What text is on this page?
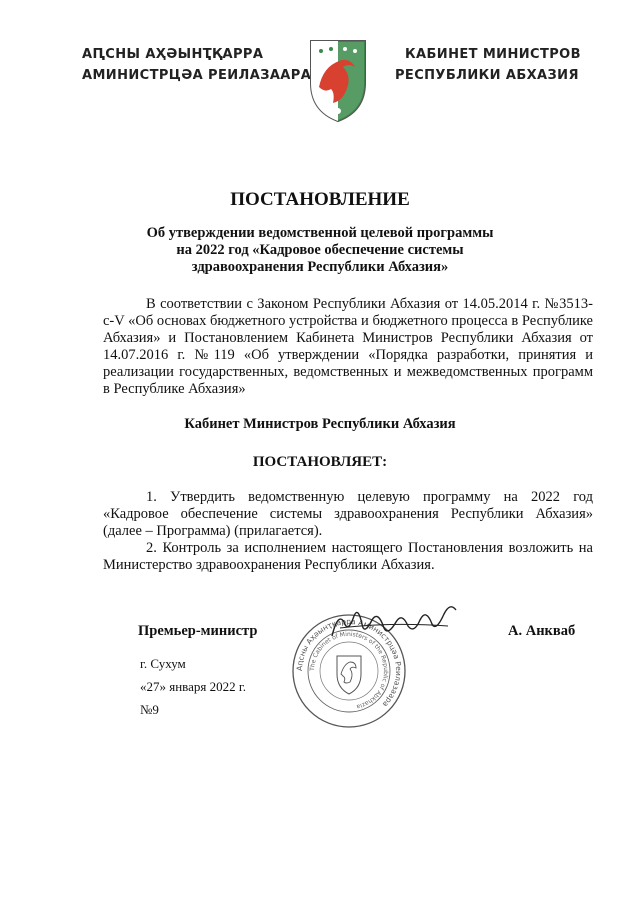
АԤСНЫ АҲӘЫНҬҚАРРА
АМИНИСТРЦӘА РЕИЛАЗААРА
КАБИНЕТ МИНИСТРОВ
РЕСПУБЛИКИ АБХАЗИЯ
ПОСТАНОВЛЕНИЕ
Об утверждении ведомственной целевой программы
на 2022 год «Кадровое обеспечение системы
здравоохранения Республики Абхазия»
В соответствии с Законом Республики Абхазия от 14.05.2014 г. №3513-с-V «Об основах бюджетного устройства и бюджетного процесса в Республике Абхазия» и Постановлением Кабинета Министров Республики Абхазия от 14.07.2016 г. №119 «Об утверждении «Порядка разработки, принятия и реализации государственных, ведомственных и межведомственных программ в Республике Абхазия»
Кабинет Министров Республики Абхазия
ПОСТАНОВЛЯЕТ:
1. Утвердить ведомственную целевую программу на 2022 год «Кадровое обеспечение системы здравоохранения Республики Абхазия» (далее – Программа) (прилагается).
2. Контроль за исполнением настоящего Постановления возложить на Министерство здравоохранения Республики Абхазия.
Аԥсны Аҳәынҭқарра Аминистрцәа Реилазаара
The Cabinet of Ministers of the Republic of Abkhazia
Премьер-министр	А. Анкваб
г. Сухум
«27» января 2022 г.
№9
